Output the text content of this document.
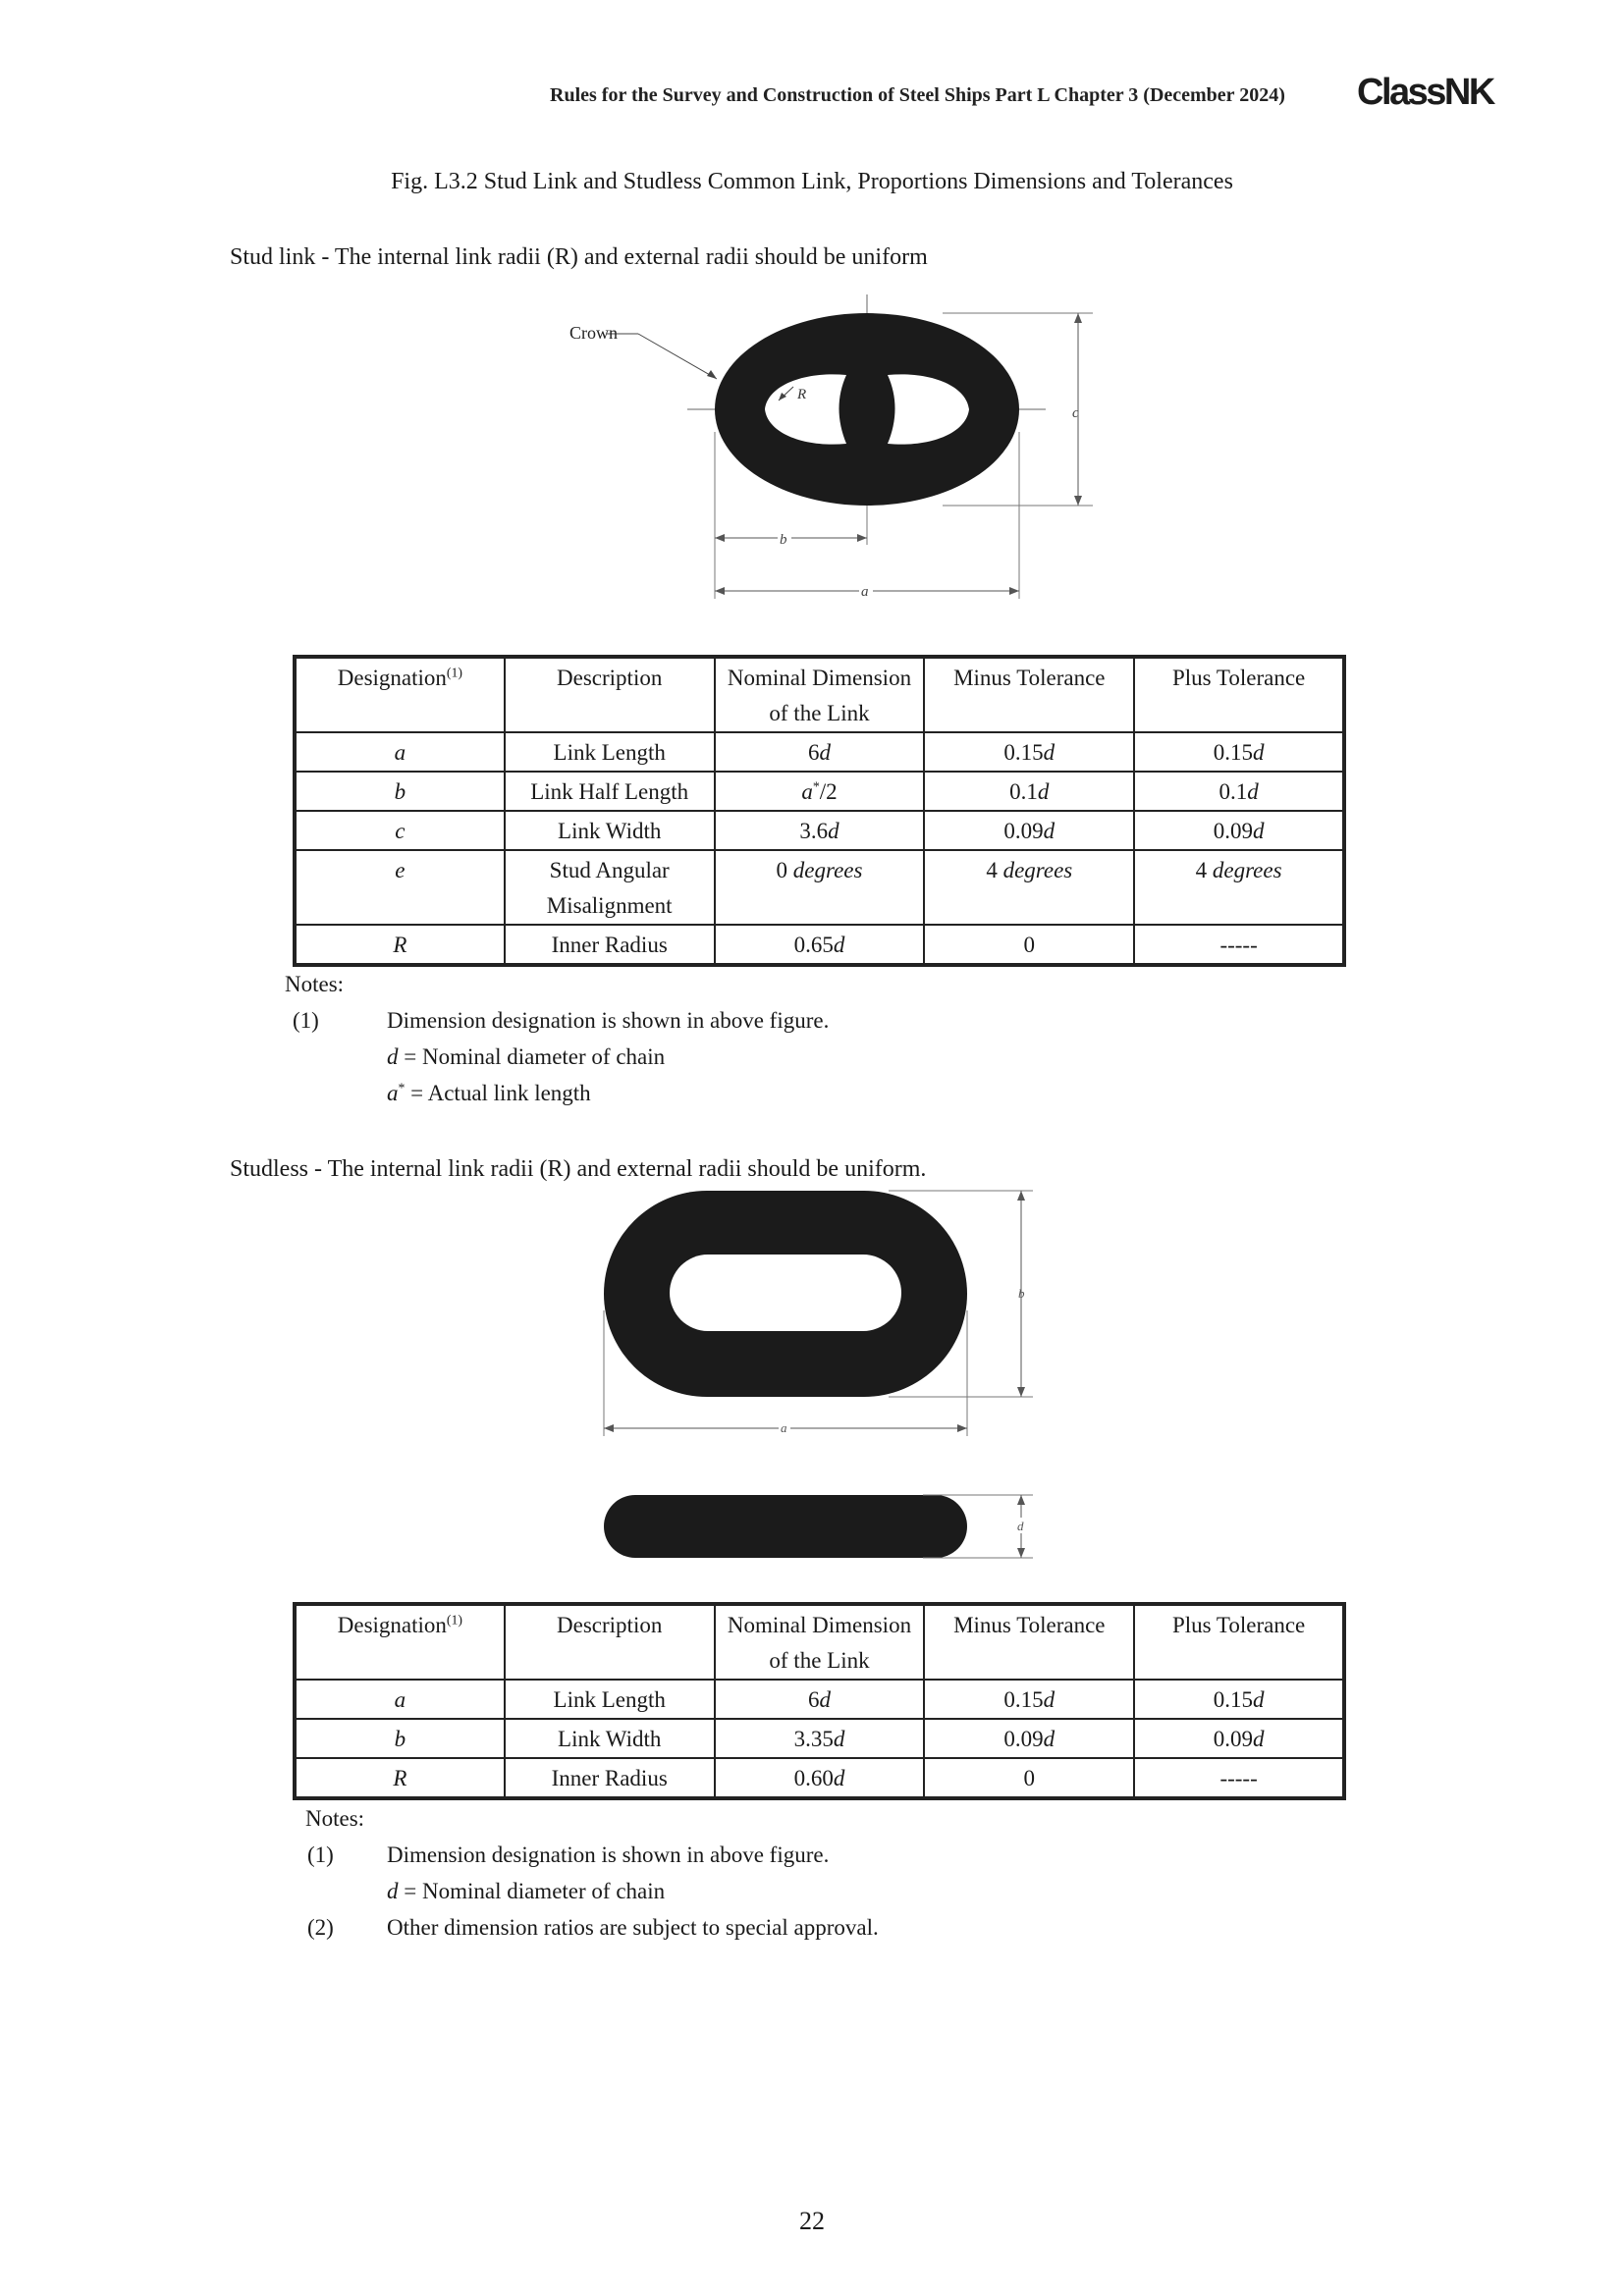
Rules for the Survey and Construction of Steel Ships Part L Chapter 3 (December 2024) ClassNK
Fig. L3.2 Stud Link and Studless Common Link, Proportions Dimensions and Tolerances
Stud link - The internal link radii (R) and external radii should be uniform
Crown
R
c
b
a
Designation$^{(1)}$	Description	Nominal Dimension of the Link	Minus Tolerance	Plus Tolerance
a	Link Length	6d	0.15d	0.15d
b	Link Half Length	a*/2	0.1d	0.1d
c	Link Width	3.6d	0.09d	0.09d
e	Stud Angular Misalignment	0 degrees	4 degrees	4 degrees
R	Inner Radius	0.65d	0	-----
Notes:
(1)	Dimension designation is shown in above figure.
d = Nominal diameter of chain
a* = Actual link length
Studless - The internal link radii (R) and external radii should be uniform.
b
a
d
Designation$^{(1)}$	Description	Nominal Dimension of the Link	Minus Tolerance	Plus Tolerance
a	Link Length	6d	0.15d	0.15d
b	Link Width	3.35d	0.09d	0.09d
R	Inner Radius	0.60d	0	-----
Notes:
(1) Dimension designation is shown in above figure.
d = Nominal diameter of chain
(2) Other dimension ratios are subject to special approval.
22
